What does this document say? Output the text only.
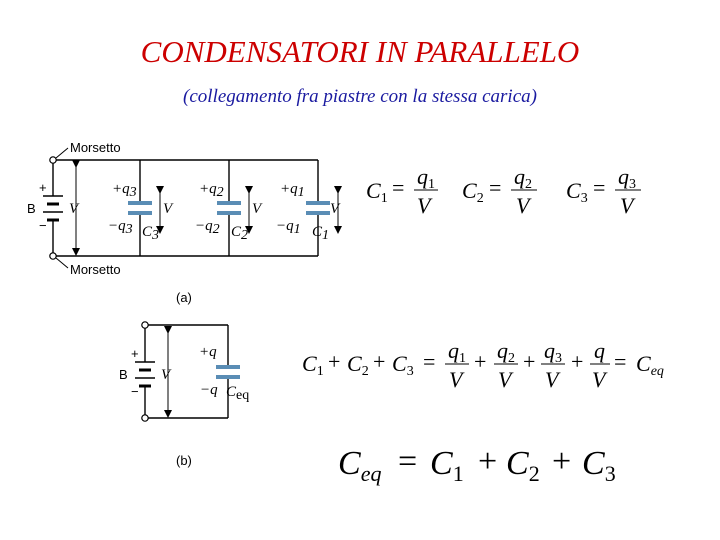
CONDENSATORI IN PARALLELO
(collegamento fra piastre con la stessa carica)
Morsetto
Morsetto
+
−
B V
+q3
−q3 C3
V
+q2
−q2 C2
V
+q1
−q1 C1
V
(a)
+
−
B V
+q
−q Ceq
(b)
C1 = q1
V
C2 = q2
V
C3 = q3
V
C1 + C2 + C3 = q1
V
+ q2
V
+ q3
V
+ q
V
= Ceq
$C_{eq} = C_1 + C_2 + C_3$
